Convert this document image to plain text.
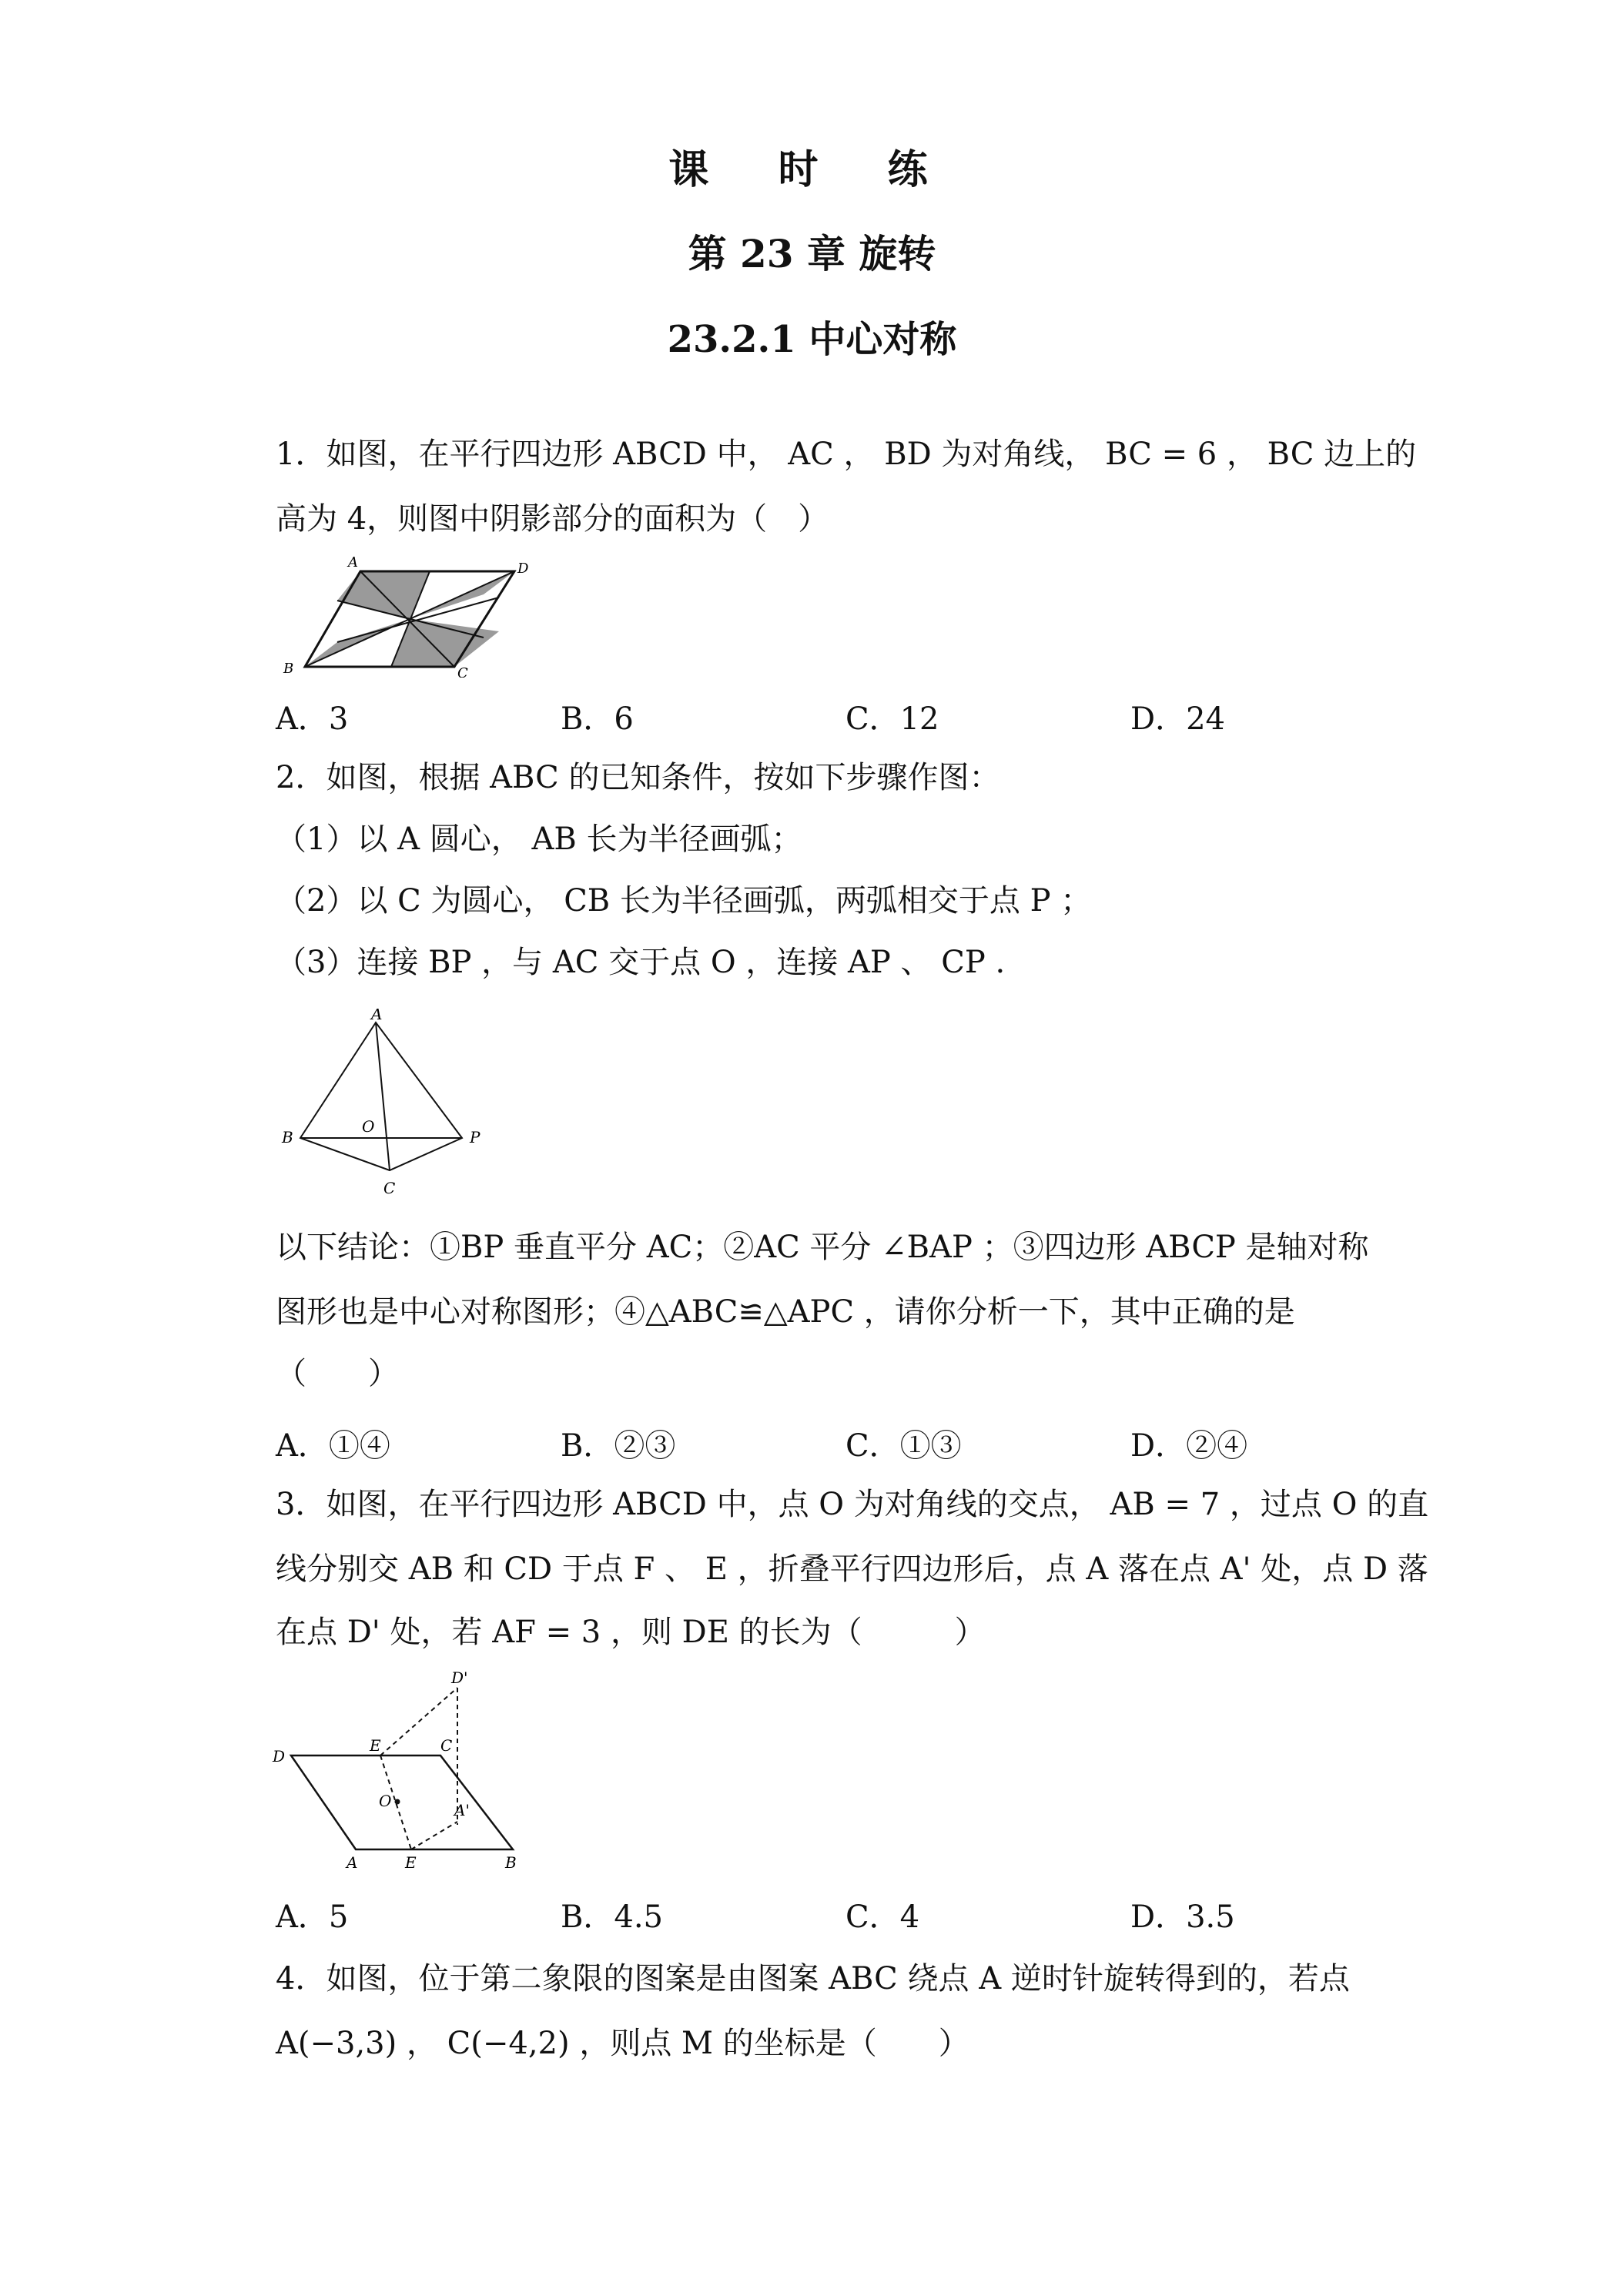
课 时 练
第 23 章 旋转
23.2.1 中心对称
1．如图，在平行四边形 ABCD 中， AC ， BD 为对角线， BC = 6 ， BC 边上的
高为 4，则图中阴影部分的面积为（　）
A	D
B	C
A．3	B．6	C．12	D．24
2．如图，根据 ABC 的已知条件，按如下步骤作图：
（1）以 A 圆心， AB 长为半径画弧；
（2）以 C 为圆心， CB 长为半径画弧，两弧相交于点 P ；
（3）连接 BP ，与 AC 交于点 O ，连接 AP 、 CP .
A
B
O
P
C
以下结论：①BP 垂直平分 AC；②AC 平分 ∠BAP ；③四边形 ABCP 是轴对称
图形也是中心对称图形；④△ABC≌△APC ，请你分析一下，其中正确的是
（　　）
A．①④	B．②③	C．①③	D．②④
3．如图，在平行四边形 ABCD 中，点 O 为对角线的交点， AB = 7 ，过点 O 的直
线分别交 AB 和 CD 于点 F 、 E ，折叠平行四边形后，点 A 落在点 A' 处，点 D 落
在点 D' 处，若 AF = 3 ，则 DE 的长为（　　　）
D'
D
E	C
O	A'
A	E	B
A．5	B．4.5	C．4	D．3.5
4．如图，位于第二象限的图案是由图案 ABC 绕点 A 逆时针旋转得到的，若点
A(−3,3) ， C(−4,2) ，则点 M 的坐标是（　　）
